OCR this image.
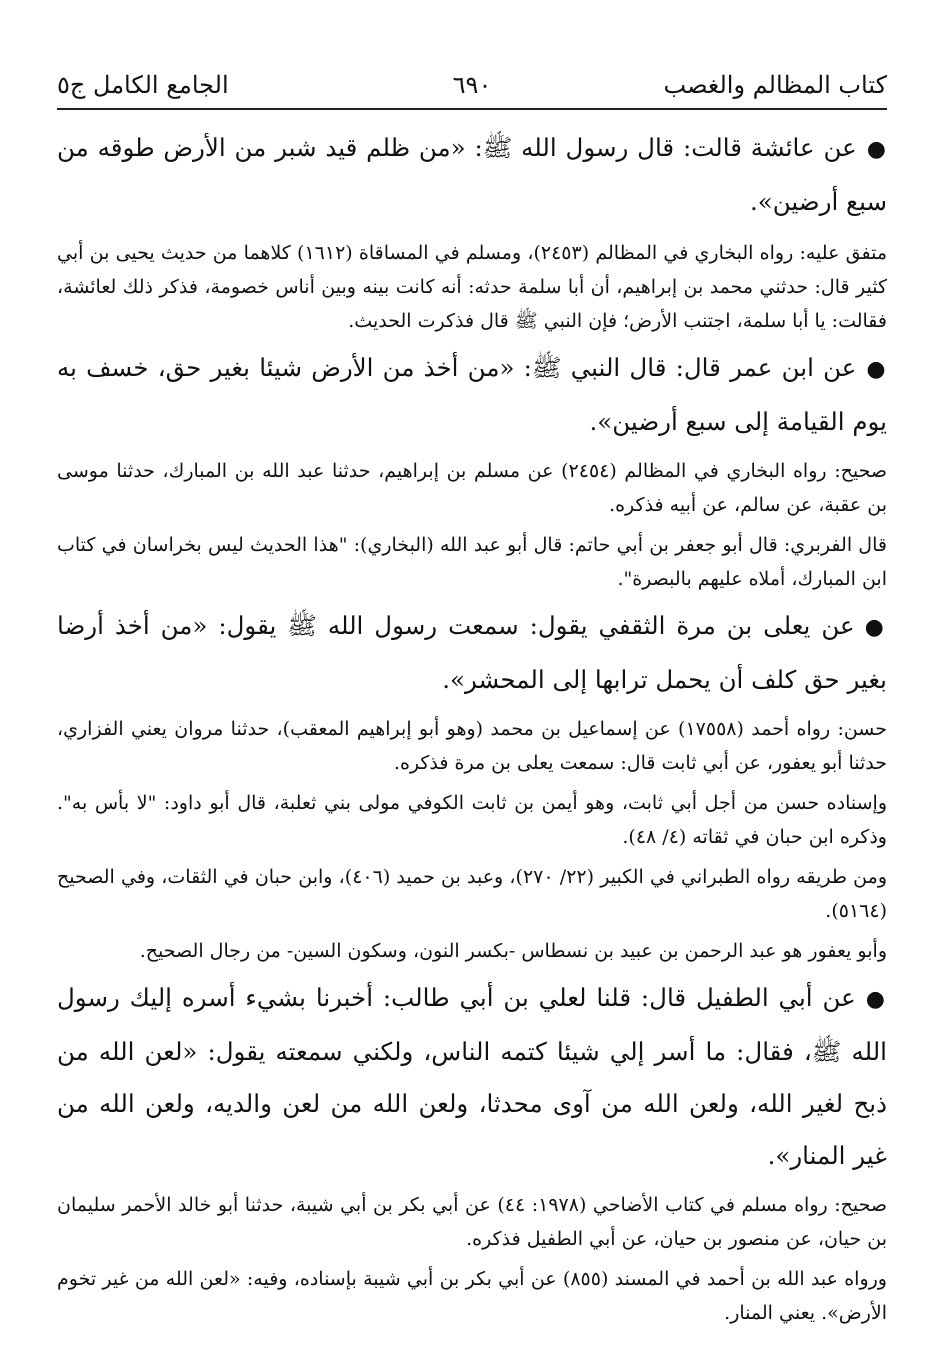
كتاب المظالم والغصب
٦٩٠
الجامع الكامل ج٥

●عن عائشة قالت: قال رسول الله ﷺ: «من ظلم قيد شبر من الأرض طوقه من سبع أرضين».

متفق عليه: رواه البخاري في المظالم (٢٤٥٣)، ومسلم في المساقاة (١٦١٢) كلاهما من حديث يحيى بن أبي كثير قال: حدثني محمد بن إبراهيم، أن أبا سلمة حدثه: أنه كانت بينه وبين أناس خصومة، فذكر ذلك لعائشة، فقالت: يا أبا سلمة، اجتنب الأرض؛ فإن النبي ﷺ قال فذكرت الحديث.

●عن ابن عمر قال: قال النبي ﷺ: «من أخذ من الأرض شيئا بغير حق، خسف به يوم القيامة إلى سبع أرضين».

صحيح: رواه البخاري في المظالم (٢٤٥٤) عن مسلم بن إبراهيم، حدثنا عبد الله بن المبارك، حدثنا موسى بن عقبة، عن سالم، عن أبيه فذكره.

قال الفربري: قال أبو جعفر بن أبي حاتم: قال أبو عبد الله (البخاري): "هذا الحديث ليس بخراسان في كتاب ابن المبارك، أملاه عليهم بالبصرة".

●عن يعلى بن مرة الثقفي يقول: سمعت رسول الله ﷺ يقول: «من أخذ أرضا بغير حق كلف أن يحمل ترابها إلى المحشر».

حسن: رواه أحمد (١٧٥٥٨) عن إسماعيل بن محمد (وهو أبو إبراهيم المعقب)، حدثنا مروان يعني الفزاري، حدثنا أبو يعفور، عن أبي ثابت قال: سمعت يعلى بن مرة فذكره.

وإسناده حسن من أجل أبي ثابت، وهو أيمن بن ثابت الكوفي مولى بني ثعلبة، قال أبو داود: "لا بأس به". وذكره ابن حبان في ثقاته (٤/ ٤٨).

ومن طريقه رواه الطبراني في الكبير (٢٢/ ٢٧٠)، وعبد بن حميد (٤٠٦)، وابن حبان في الثقات، وفي الصحيح (٥١٦٤).

وأبو يعفور هو عبد الرحمن بن عبيد بن نسطاس -بكسر النون، وسكون السين- من رجال الصحيح.

●عن أبي الطفيل قال: قلنا لعلي بن أبي طالب: أخبرنا بشيء أسره إليك رسول الله ﷺ، فقال: ما أسر إلي شيئا كتمه الناس، ولكني سمعته يقول: «لعن الله من ذبح لغير الله، ولعن الله من آوى محدثا، ولعن الله من لعن والديه، ولعن الله من غير المنار».

صحيح: رواه مسلم في كتاب الأضاحي (١٩٧٨: ٤٤) عن أبي بكر بن أبي شيبة، حدثنا أبو خالد الأحمر سليمان بن حيان، عن منصور بن حيان، عن أبي الطفيل فذكره.

ورواه عبد الله بن أحمد في المسند (٨٥٥) عن أبي بكر بن أبي شيبة بإسناده، وفيه: «لعن الله من غير تخوم الأرض». يعني المنار.
